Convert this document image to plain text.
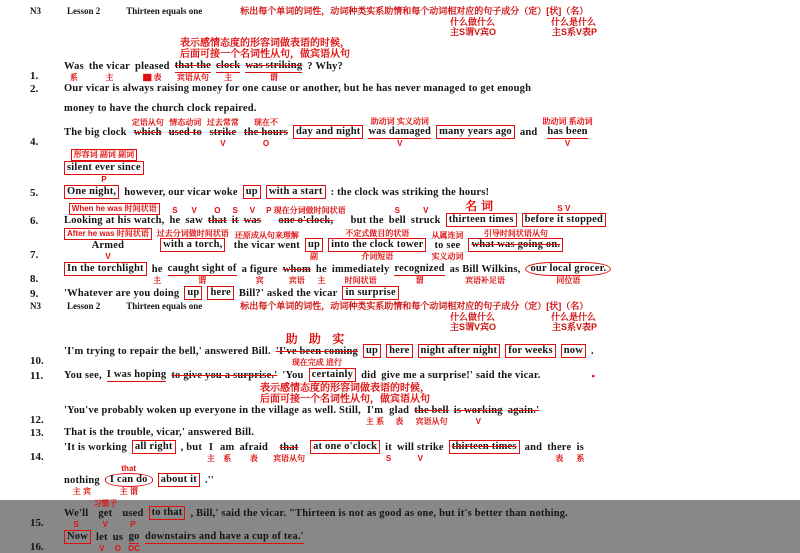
N3	Lesson 2	Thirteen equals one	标出每个单词的词性，动词种类实系助情和每个动词相对应的句子成分（定）[状]（名）
什么做什么	什么是什么
主S谓V宾O	主S系V表P
表示感情态度的形容词做表语的时候，
后面可接一个名词性从句，做宾语从句
1.
Was
系
the vicar
主
pleased
▇ 表
that the
宾语从句
clock
主
was striking
谓
? Why?

2.	Our vicar is always raising money for one cause or another, but he has never managed to get enough
money to have the church clock repaired.
4.

The big clock

定语从句
which

情态动词
used to

过去常常
strike
V
现在不
the hours
O

day and night

助动词 实义动词
was damaged
V

many years ago

and

助动词 系动词
has been
V
形容词 副词 副词
silent ever since
P
5.	One night, however, our vicar woke up with a start : the clock was striking the hours!
6.
When he was 时间状语
Looking at his watch,
S
he
V
saw
O
that
S
it
V
was
P 现在分词做时间状语
one o'clock,
but the
S
bell
V
struck
名词
thirteen times
S V
before it stopped
7.
After he was 时间状语
Armed
V
过去分词做时间状语
with a torch,

还原成从句来理解
the vicar went

up
副
不定式做目的状语
into the clock tower
介词短语
从属连词
to see
实义动词
引导时间状语从句
what was going on.

8.
In the torchlight
he
主
caught sight of
谓
a figure
宾
whom
宾语
he
主
immediately
时间状语
recognized
谓
as Bill Wilkins,
宾语补足语
our local grocer.
同位语
9.	'Whatever are you doing up here Bill?' asked the vicar in surprise
N3	Lesson 2	Thirteen equals one	标出每个单词的词性，动词种类实系助情和每个动词相对应的句子成分（定）[状]（名）
什么做什么	什么是什么
主S谓V宾O	主S系V表P
10.

'I'm trying to repair the bell,' answered Bill.

助 助 实
'I've been coming
现在完成 进行

up

here

night after night

for weeks

now

.

11.	You see, I was hoping to give you a surprise.' 'You certainly did give me a surprise!' said the vicar.	▪
表示感情态度的形容词做表语的时候，
后面可接一个名词性从句，做宾语从句
12.
'You've probably woken up everyone in the village as well. Still,
I'm
主 系
glad
表
the bell
宾语从句
is working
V
again.'

13.	That is the trouble, vicar,' answered Bill.
14.
'It is working
all right
, but
I
主
am
系
afraid
表
that
宾语从句
at one o'clock
it
S
will strike
V
thirteen times
and
there
表
is
系

nothing
主 宾
that
I can do
主 谓

about it

.''

15.

We'll
S
习惯于
get
V

used
P

to that

, Bill,' said the vicar. "Thirteen is not as good as one, but it's better than nothing.

16.
Now
let
V
us
O
go
OC
downstairs and have a cup of tea.'
